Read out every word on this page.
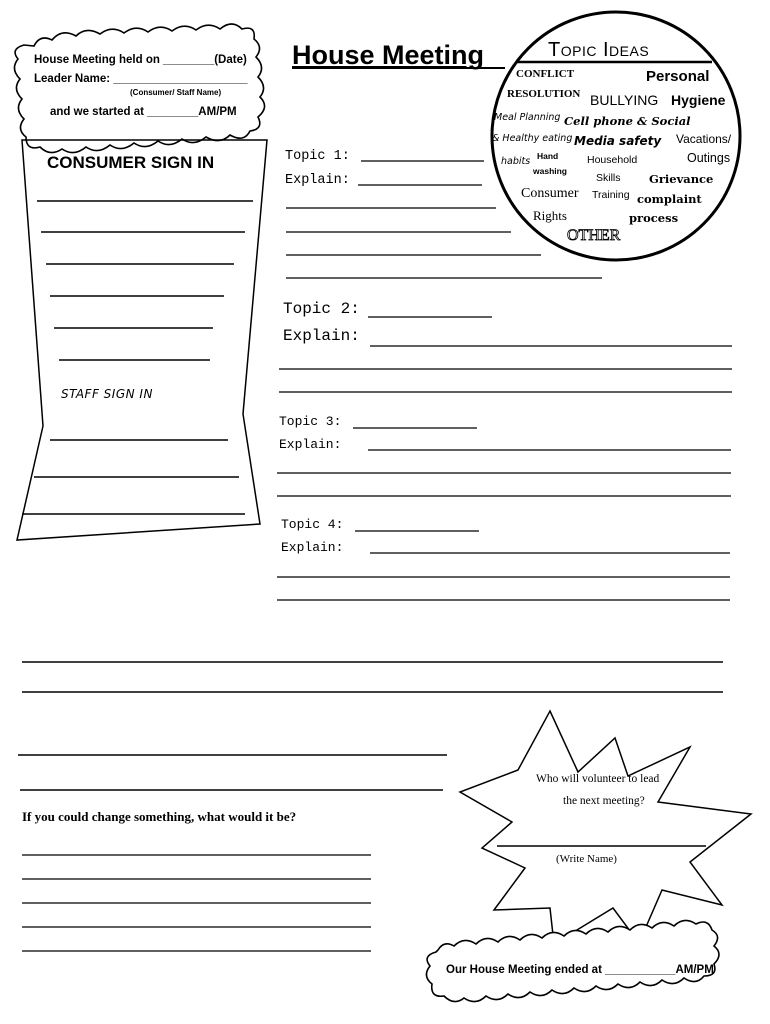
House Meeting held on ________(Date)
Leader Name: _____________________
(Consumer/ Staff Name)
and we started at ________AM/PM
House Meeting	Topic Ideas
CONFLICT
RESOLUTION
Personal
BULLYING Hygiene
Meal Planning Cell phone & Social
& Healthy eating Media safety Vacations/
habits Hand
washing
Household	Outings
Skills Grievance
Consumer Training complaint
Rights	process
OTHER
CONSUMER SIGN IN
STAFF SIGN IN
Topic 1:
Explain:
Topic 2:
Explain:
Topic 3:
Explain:
Topic 4:
Explain:
If you could change something, what would it be?
Who will volunteer to lead
the next meeting?
(Write Name)
Our House Meeting ended at ___________AM/PM
